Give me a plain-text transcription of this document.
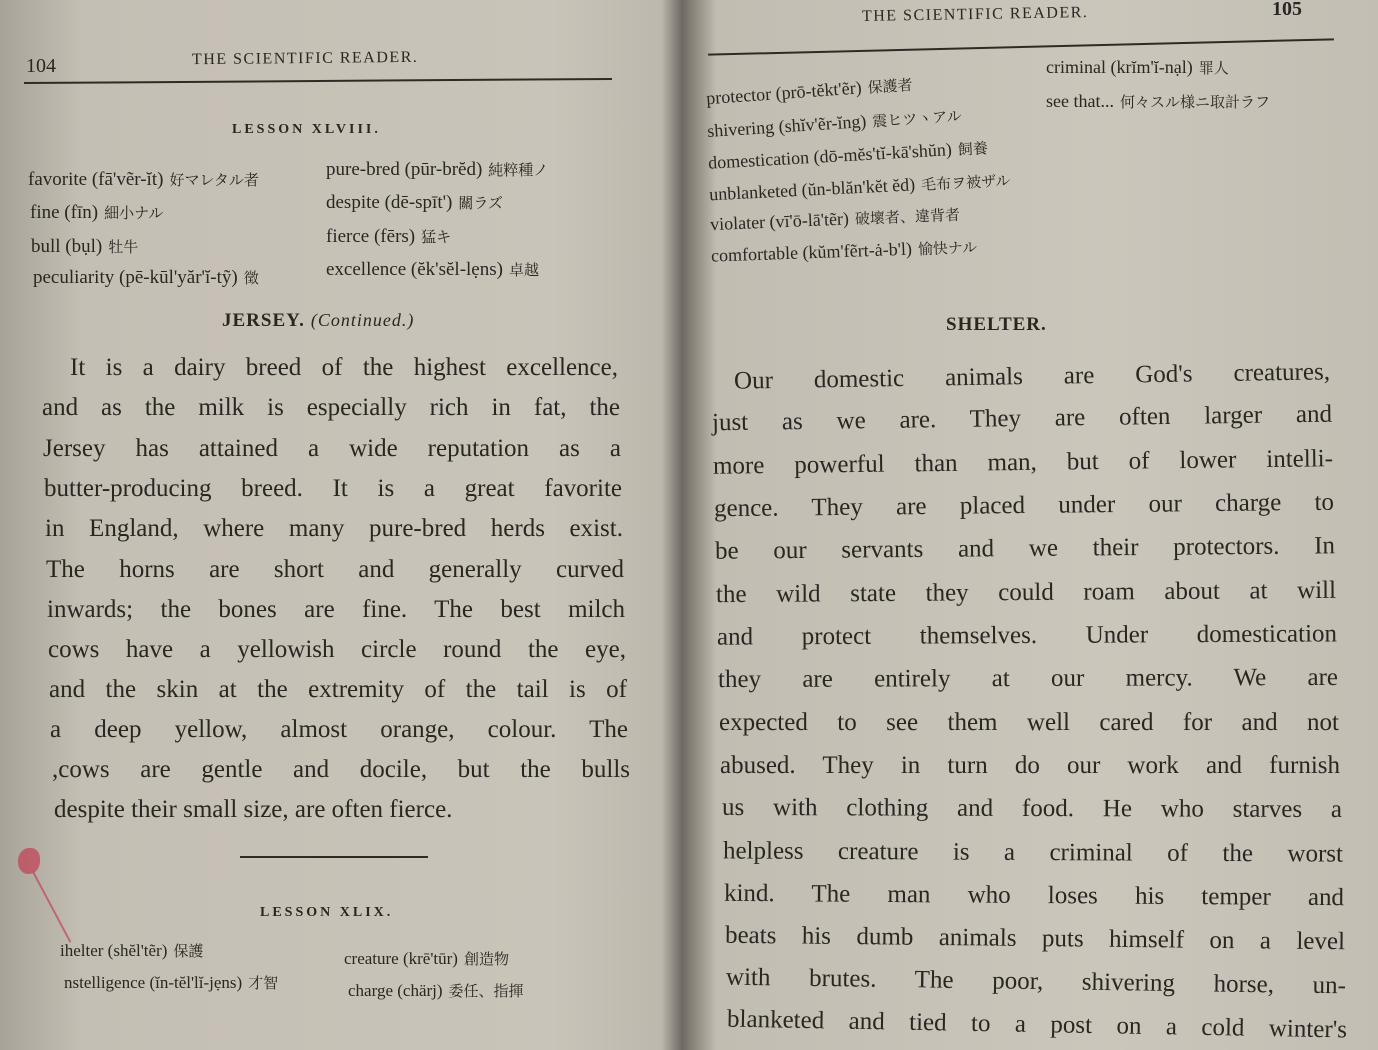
104	THE SCIENTIFIC READER.
LESSON XLVIII.
favorite (fā'vẽr-ĭt) 好マレタル者
fine (fīn) 細小ナル
bull (bụl) 牡牛
peculiarity (pē-kūl'yăr'ĭ-tỹ) 徵
pure-bred (pūr-brĕd) 純粹種ノ
despite (dē-spīt') 關ラズ
fierce (fērs) 猛キ
excellence (ĕk'sĕl-lẹns) 卓越
JERSEY. (Continued.)
It is a dairy breed of the highest excellence,
and as the milk is especially rich in fat, the
Jersey has attained a wide reputation as a
butter-producing breed. It is a great favorite
in England, where many pure-bred herds exist.
The horns are short and generally curved
inwards; the bones are fine. The best milch
cows have a yellowish circle round the eye,
and the skin at the extremity of the tail is of
a deep yellow, almost orange, colour. The
,cows are gentle and docile, but the bulls
despite their small size, are often fierce.
LESSON XLIX.
ihelter (shĕl'tẽr) 保護
nstelligence (ĭn-tĕl'lĭ-jẹns) 才智
creature (krē'tūr) 創造物
charge (chärj) 委任、指揮
THE SCIENTIFIC READER.	105
protector (prō-tĕkt'ẽr) 保護者
shivering (shĭv'ẽr-ĭng) 震ヒツヽアル
domestication (dō-mĕs'tĭ-kā'shŭn) 飼養
unblanketed (ŭn-blăn'kĕt ĕd) 毛布ヲ被ザル
violater (vī'ō-lā'tẽr) 破壞者、違背者
comfortable (kŭm'fẽrt-ȧ-b'l) 愉快ナル
criminal (krĭm'ĭ-nạl) 罪人
see that... 何々スル様ニ取計ラフ
SHELTER.
Our domestic animals are God's creatures,
just as we are. They are often larger and
more powerful than man, but of lower intelli-
gence. They are placed under our charge to
be our servants and we their protectors. In
the wild state they could roam about at will
and protect themselves. Under domestication
they are entirely at our mercy. We are
expected to see them well cared for and not
abused. They in turn do our work and furnish
us with clothing and food. He who starves a
helpless creature is a criminal of the worst
kind. The man who loses his temper and
beats his dumb animals puts himself on a level
with brutes. The poor, shivering horse, un-
blanketed and tied to a post on a cold winter's
